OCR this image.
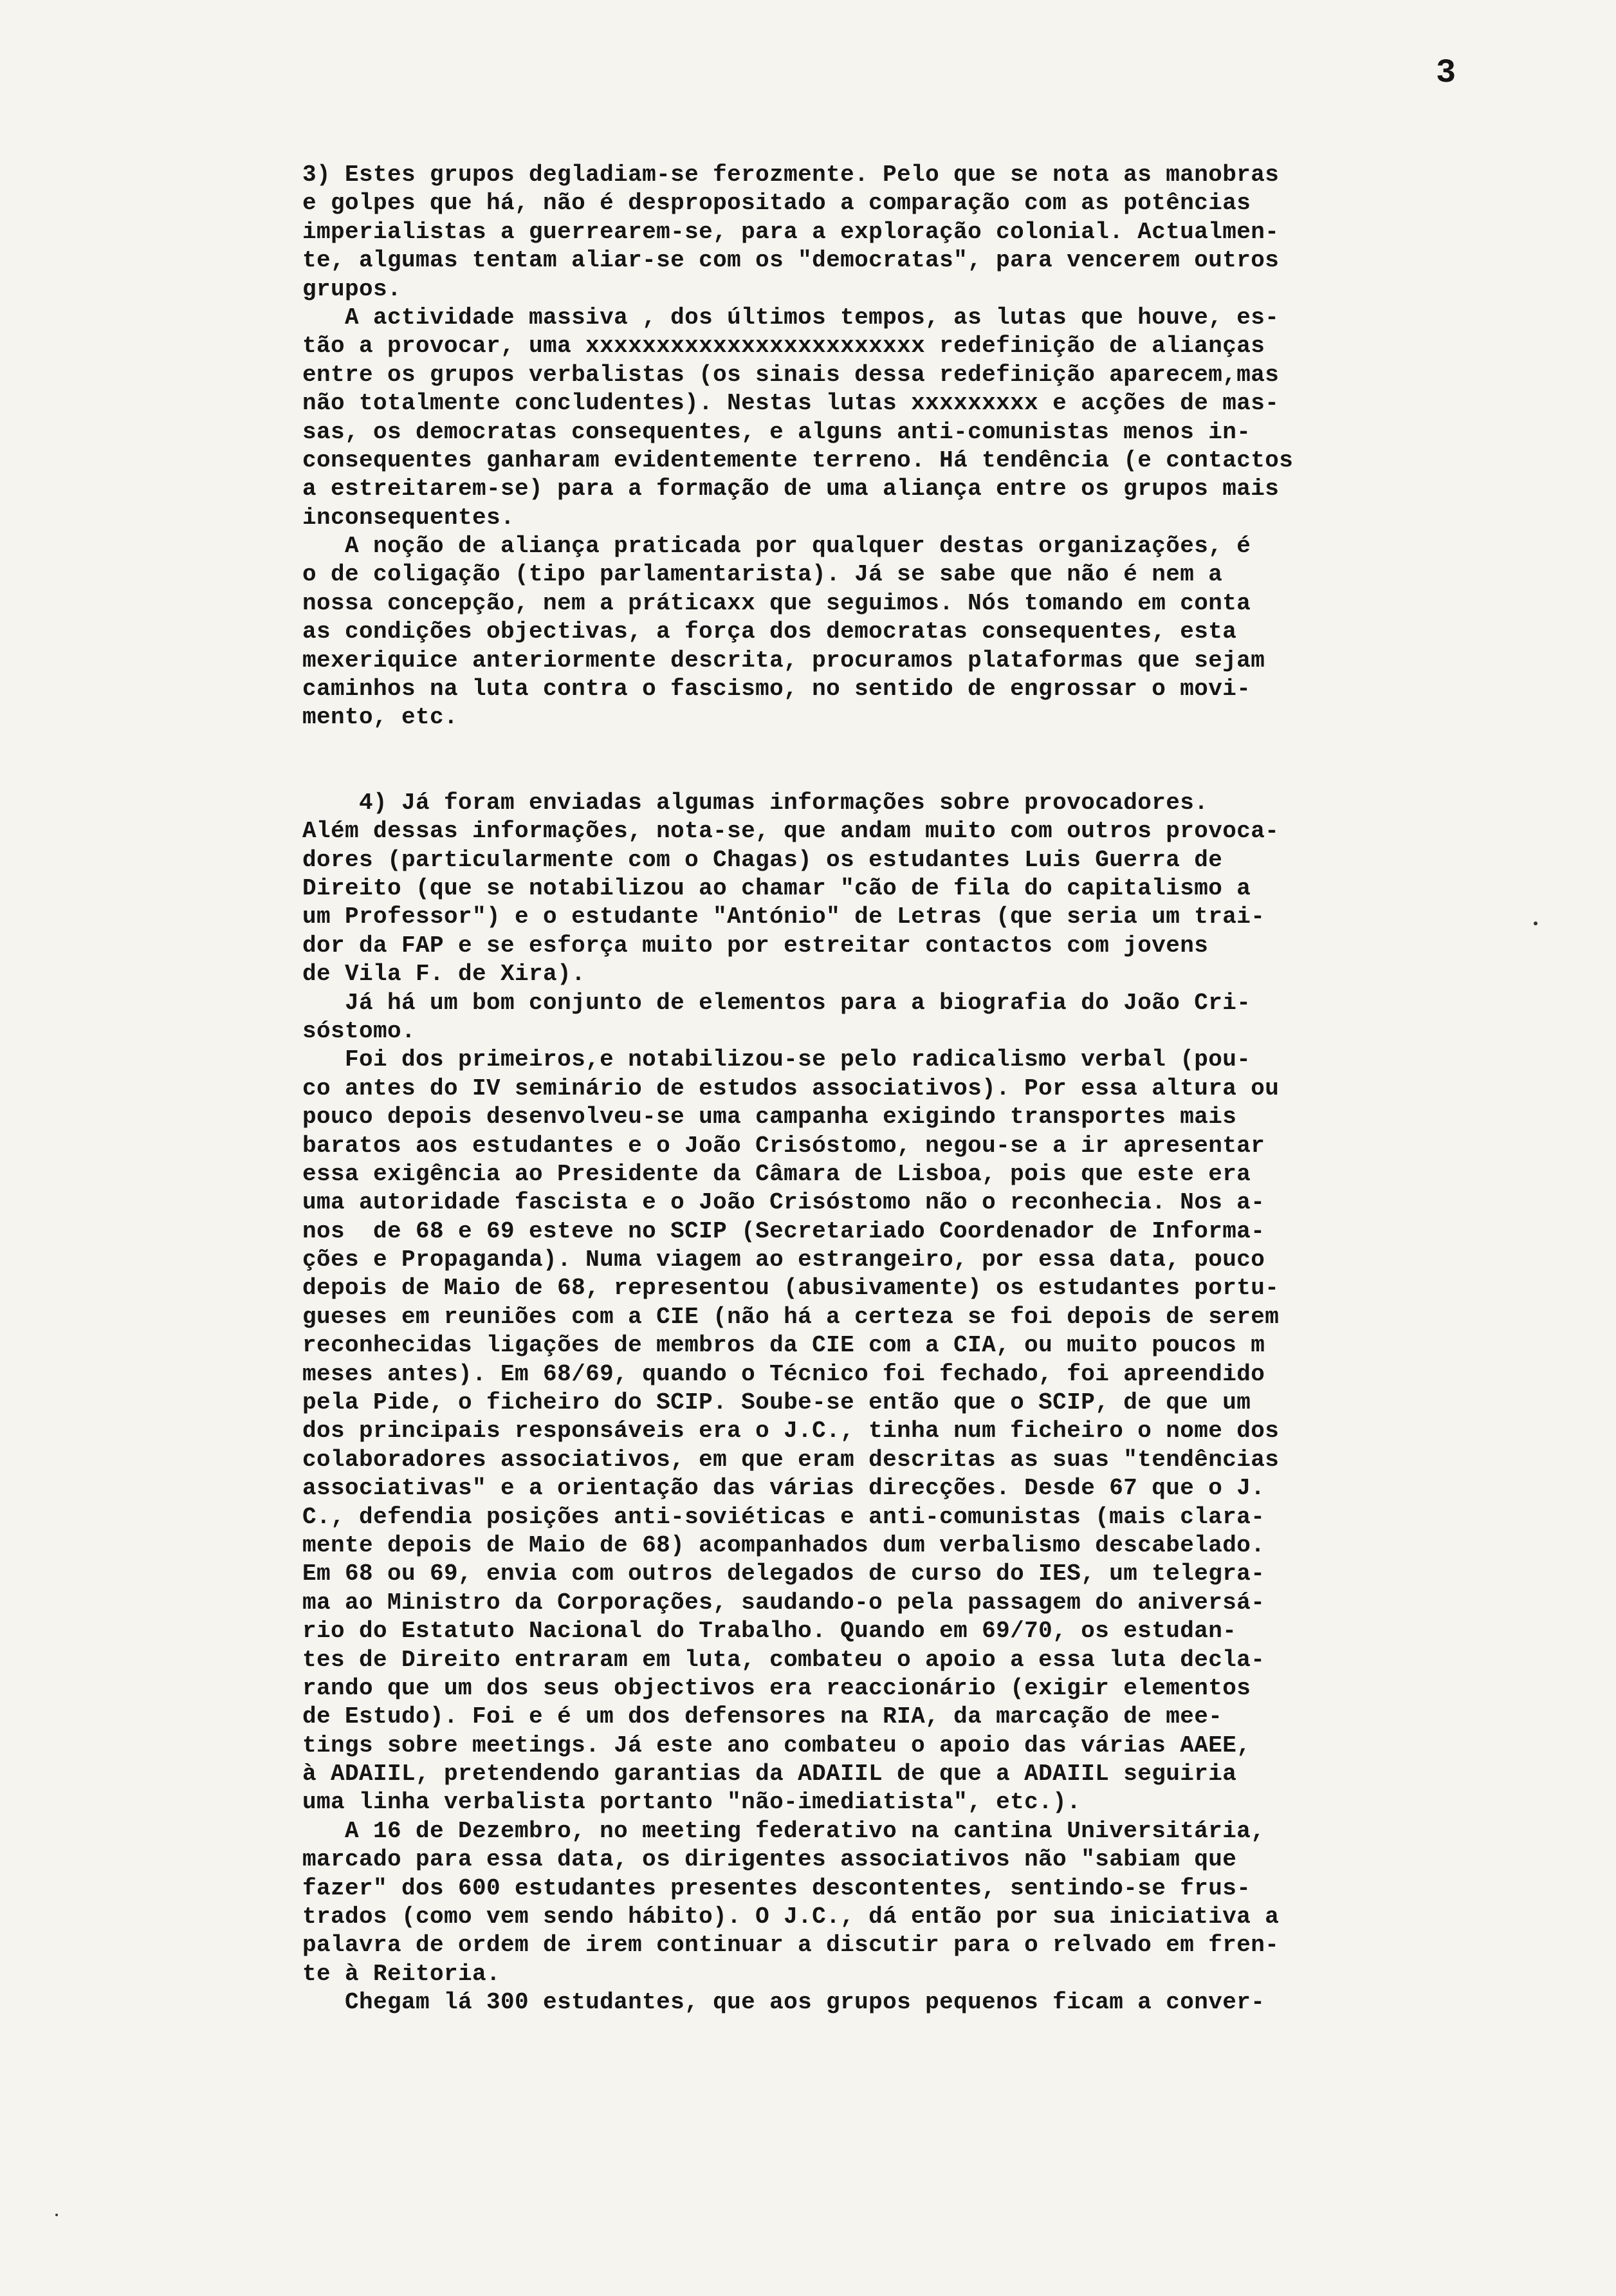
3

3) Estes grupos degladiam-se ferozmente. Pelo que se nota as manobras
e golpes que há, não é despropositado a comparação com as potências
imperialistas a guerrearem-se, para a exploração colonial. Actualmen-
te, algumas tentam aliar-se com os "democratas", para vencerem outros
grupos.
A actividade massiva , dos últimos tempos, as lutas que houve, es-
tão a provocar, uma xxxxxxxxxxxxxxxxxxxxxxxx redefinição de alianças
entre os grupos verbalistas (os sinais dessa redefinição aparecem,mas
não totalmente concludentes). Nestas lutas xxxxxxxxx e acções de mas-
sas, os democratas consequentes, e alguns anti-comunistas menos in-
consequentes ganharam evidentemente terreno. Há tendência (e contactos
a estreitarem-se) para a formação de uma aliança entre os grupos mais
inconsequentes.
A noção de aliança praticada por qualquer destas organizações, é
o de coligação (tipo parlamentarista). Já se sabe que não é nem a
nossa concepção, nem a práticaxx que seguimos. Nós tomando em conta
as condições objectivas, a força dos democratas consequentes, esta
mexeriquice anteriormente descrita, procuramos plataformas que sejam
caminhos na luta contra o fascismo, no sentido de engrossar o movi-
mento, etc.
4) Já foram enviadas algumas informações sobre provocadores.
Além dessas informações, nota-se, que andam muito com outros provoca-
dores (particularmente com o Chagas) os estudantes Luis Guerra de
Direito (que se notabilizou ao chamar "cão de fila do capitalismo a
um Professor") e o estudante "António" de Letras (que seria um trai-
dor da FAP e se esforça muito por estreitar contactos com jovens
de Vila F. de Xira).
Já há um bom conjunto de elementos para a biografia do João Cri-
sóstomo.
Foi dos primeiros,e notabilizou-se pelo radicalismo verbal (pou-
co antes do IV seminário de estudos associativos). Por essa altura ou
pouco depois desenvolveu-se uma campanha exigindo transportes mais
baratos aos estudantes e o João Crisóstomo, negou-se a ir apresentar
essa exigência ao Presidente da Câmara de Lisboa, pois que este era
uma autoridade fascista e o João Crisóstomo não o reconhecia. Nos a-
nos  de 68 e 69 esteve no SCIP (Secretariado Coordenador de Informa-
ções e Propaganda). Numa viagem ao estrangeiro, por essa data, pouco
depois de Maio de 68, representou (abusivamente) os estudantes portu-
gueses em reuniões com a CIE (não há a certeza se foi depois de serem
reconhecidas ligações de membros da CIE com a CIA, ou muito poucos m
meses antes). Em 68/69, quando o Técnico foi fechado, foi apreendido
pela Pide, o ficheiro do SCIP. Soube-se então que o SCIP, de que um
dos principais responsáveis era o J.C., tinha num ficheiro o nome dos
colaboradores associativos, em que eram descritas as suas "tendências
associativas" e a orientação das várias direcções. Desde 67 que o J.
C., defendia posições anti-soviéticas e anti-comunistas (mais clara-
mente depois de Maio de 68) acompanhados dum verbalismo descabelado.
Em 68 ou 69, envia com outros delegados de curso do IES, um telegra-
ma ao Ministro da Corporações, saudando-o pela passagem do aniversá-
rio do Estatuto Nacional do Trabalho. Quando em 69/70, os estudan-
tes de Direito entraram em luta, combateu o apoio a essa luta decla-
rando que um dos seus objectivos era reaccionário (exigir elementos
de Estudo). Foi e é um dos defensores na RIA, da marcação de mee-
tings sobre meetings. Já este ano combateu o apoio das várias AAEE,
à ADAIIL, pretendendo garantias da ADAIIL de que a ADAIIL seguiria
uma linha verbalista portanto "não-imediatista", etc.).
A 16 de Dezembro, no meeting federativo na cantina Universitária,
marcado para essa data, os dirigentes associativos não "sabiam que
fazer" dos 600 estudantes presentes descontentes, sentindo-se frus-
trados (como vem sendo hábito). O J.C., dá então por sua iniciativa a
palavra de ordem de irem continuar a discutir para o relvado em fren-
te à Reitoria.
Chegam lá 300 estudantes, que aos grupos pequenos ficam a conver-
